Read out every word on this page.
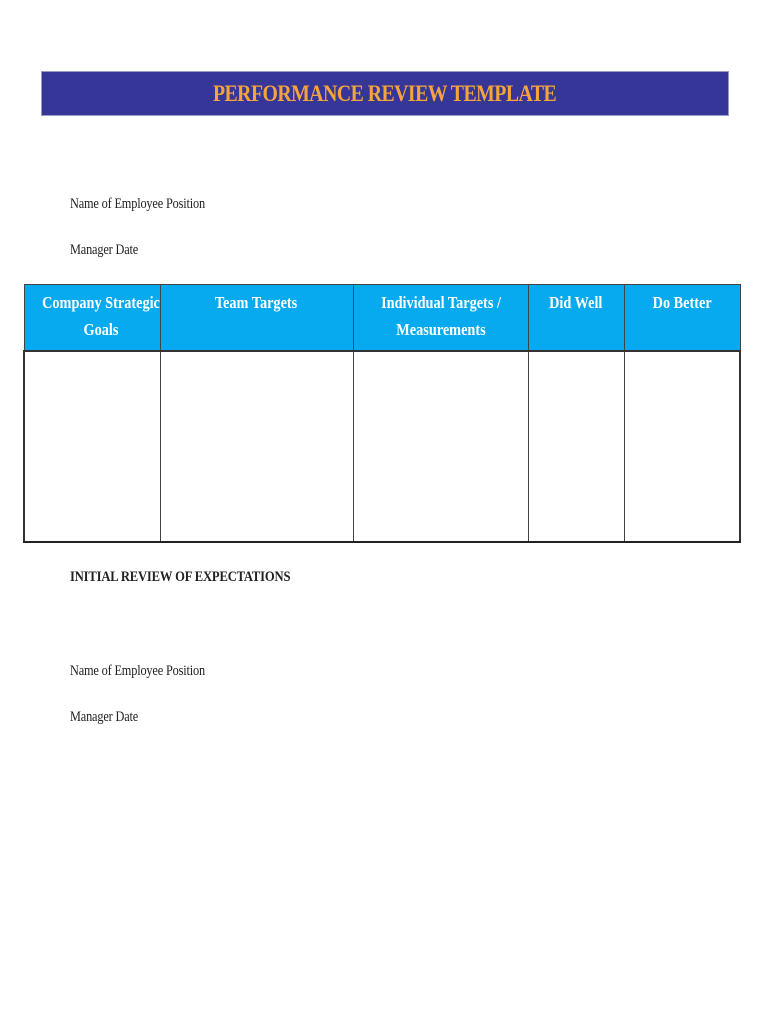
PERFORMANCE REVIEW TEMPLATE
Name of Employee Position
Manager Date
Company Strategic Goals	Team Targets	Individual Targets / Measurements	Did Well	Do Better

INITIAL REVIEW OF EXPECTATIONS
Name of Employee Position
Manager Date
